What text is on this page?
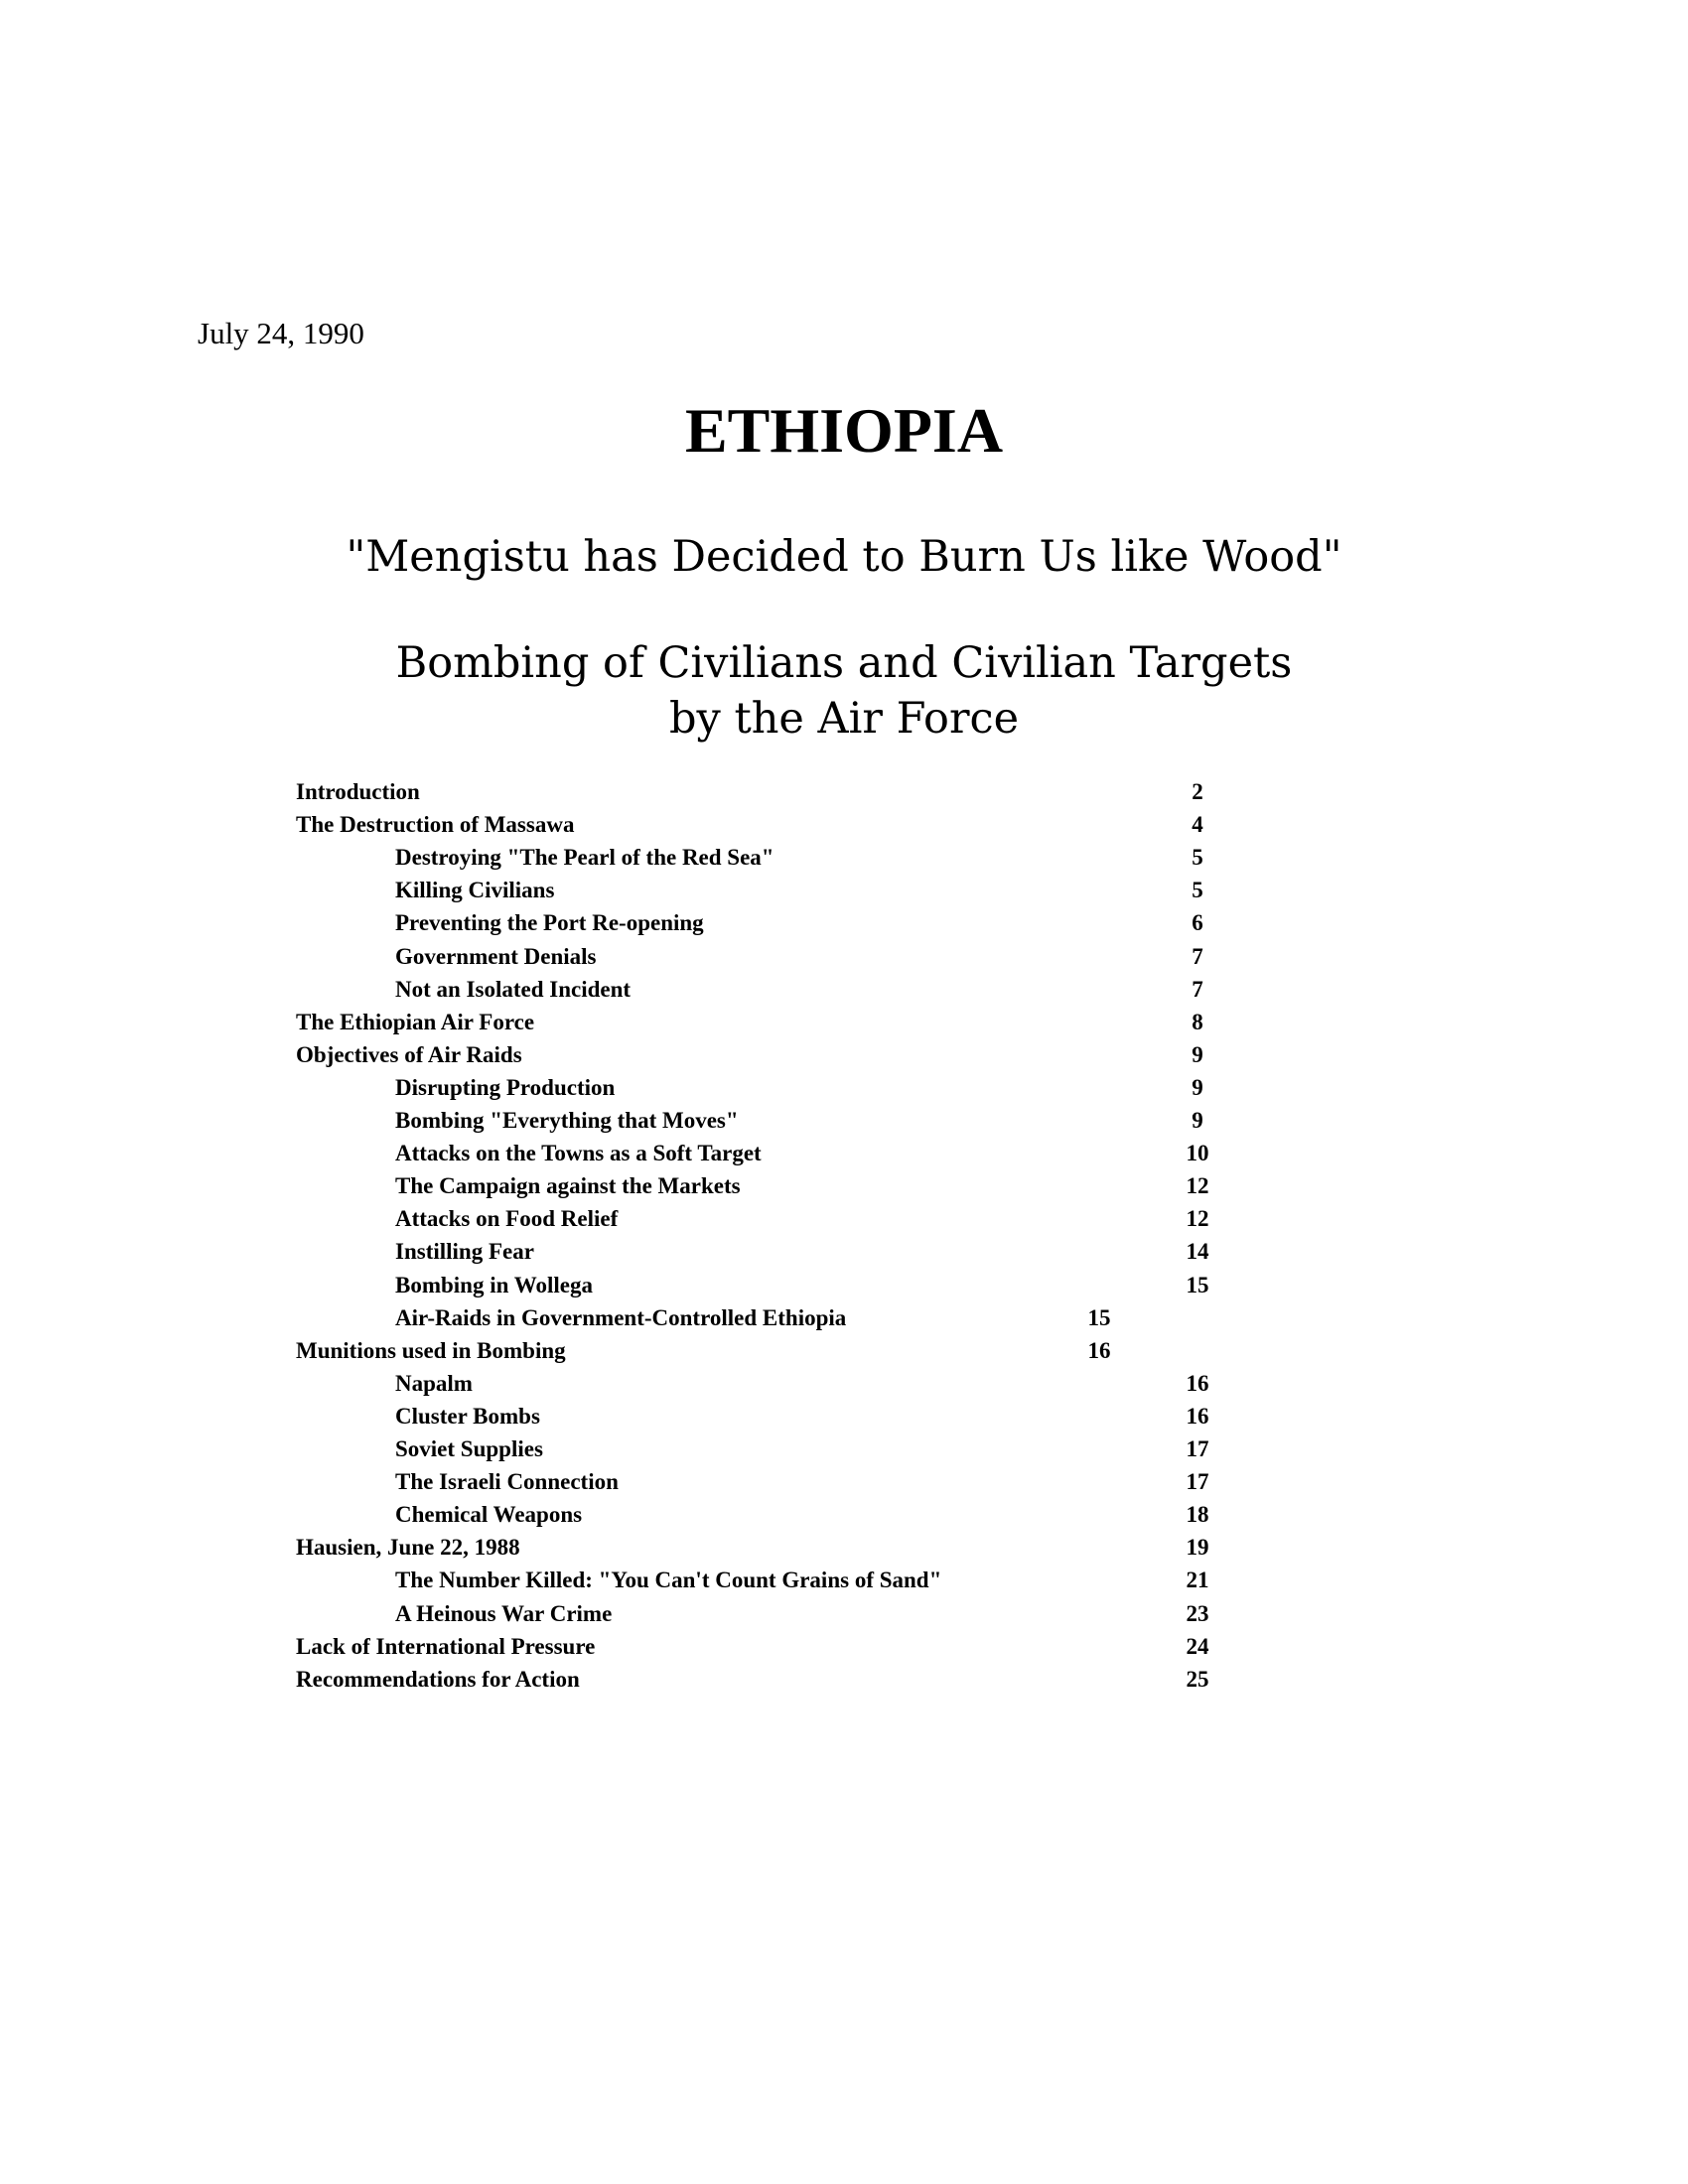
July 24, 1990
ETHIOPIA
"Mengistu has Decided to Burn Us like Wood"
Bombing of Civilians and Civilian Targets
by the Air Force
Introduction	2
The Destruction of Massawa	4
Destroying "The Pearl of the Red Sea"	5
Killing Civilians	5
Preventing the Port Re-opening	6
Government Denials	7
Not an Isolated Incident	7
The Ethiopian Air Force	8
Objectives of Air Raids	9
Disrupting Production	9
Bombing "Everything that Moves"	9
Attacks on the Towns as a Soft Target	10
The Campaign against the Markets	12
Attacks on Food Relief	12
Instilling Fear	14
Bombing in Wollega	15
Air-Raids in Government-Controlled Ethiopia	15
Munitions used in Bombing	16
Napalm	16
Cluster Bombs	16
Soviet Supplies	17
The Israeli Connection	17
Chemical Weapons	18
Hausien, June 22, 1988	19
The Number Killed: "You Can't Count Grains of Sand"	21
A Heinous War Crime	23
Lack of International Pressure	24
Recommendations for Action	25
